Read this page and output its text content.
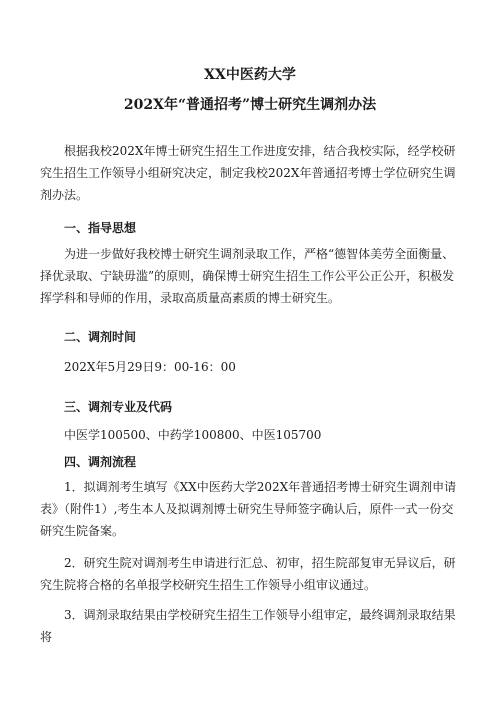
XX中医药大学
202X年“普通招考”博士研究生调剂办法

根据我校202X年博士研究生招生工作进度安排，结合我校实际，经学校研究生招生工作领导小组研究决定，制定我校202X年普通招考博士学位研究生调剂办法。

一、指导思想

为进一步做好我校博士研究生调剂录取工作，严格“德智体美劳全面衡量、择优录取、宁缺毋滥”的原则，确保博士研究生招生工作公平公正公开，积极发挥学科和导师的作用，录取高质量高素质的博士研究生。

二、调剂时间

202X年5月29日9：00-16：00

三、调剂专业及代码

中医学100500、中药学100800、中医105700

四、调剂流程

1．拟调剂考生填写《XX中医药大学202X年普通招考博士研究生调剂申请表》（附件1）,考生本人及拟调剂博士研究生导师签字确认后，原件一式一份交研究生院备案。

2．研究生院对调剂考生申请进行汇总、初审，招生院部复审无异议后，研究生院将合格的名单报学校研究生招生工作领导小组审议通过。

3．调剂录取结果由学校研究生招生工作领导小组审定，最终调剂录取结果将
